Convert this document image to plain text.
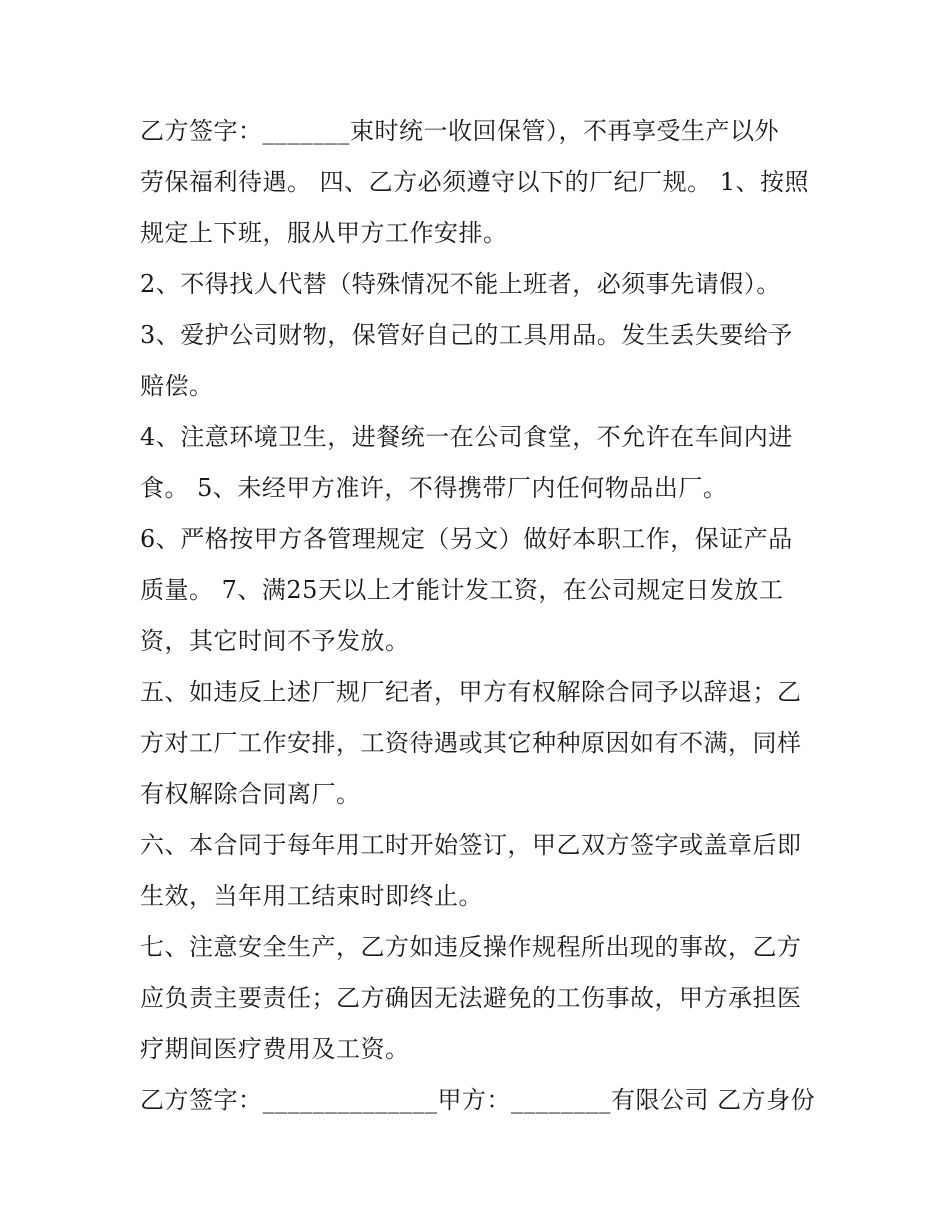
乙方签字：_______束时统一收回保管），不再享受生产以外
劳保福利待遇。 四、乙方必须遵守以下的厂纪厂规。 1、按照
规定上下班，服从甲方工作安排。

2、不得找人代替（特殊情况不能上班者，必须事先请假）。

3、爱护公司财物，保管好自己的工具用品。发生丢失要给予
赔偿。

4、注意环境卫生，进餐统一在公司食堂，不允许在车间内进
食。 5、未经甲方准许，不得携带厂内任何物品出厂。

6、严格按甲方各管理规定（另文）做好本职工作，保证产品
质量。 7、满25天以上才能计发工资，在公司规定日发放工
资，其它时间不予发放。

五、如违反上述厂规厂纪者，甲方有权解除合同予以辞退；乙
方对工厂工作安排，工资待遇或其它种种原因如有不满，同样
有权解除合同离厂。

六、本合同于每年用工时开始签订，甲乙双方签字或盖章后即
生效，当年用工结束时即终止。

七、注意安全生产，乙方如违反操作规程所出现的事故，乙方
应负责主要责任；乙方确因无法避免的工伤事故，甲方承担医
疗期间医疗费用及工资。

乙方签字：______________甲方：________有限公司 乙方身份
